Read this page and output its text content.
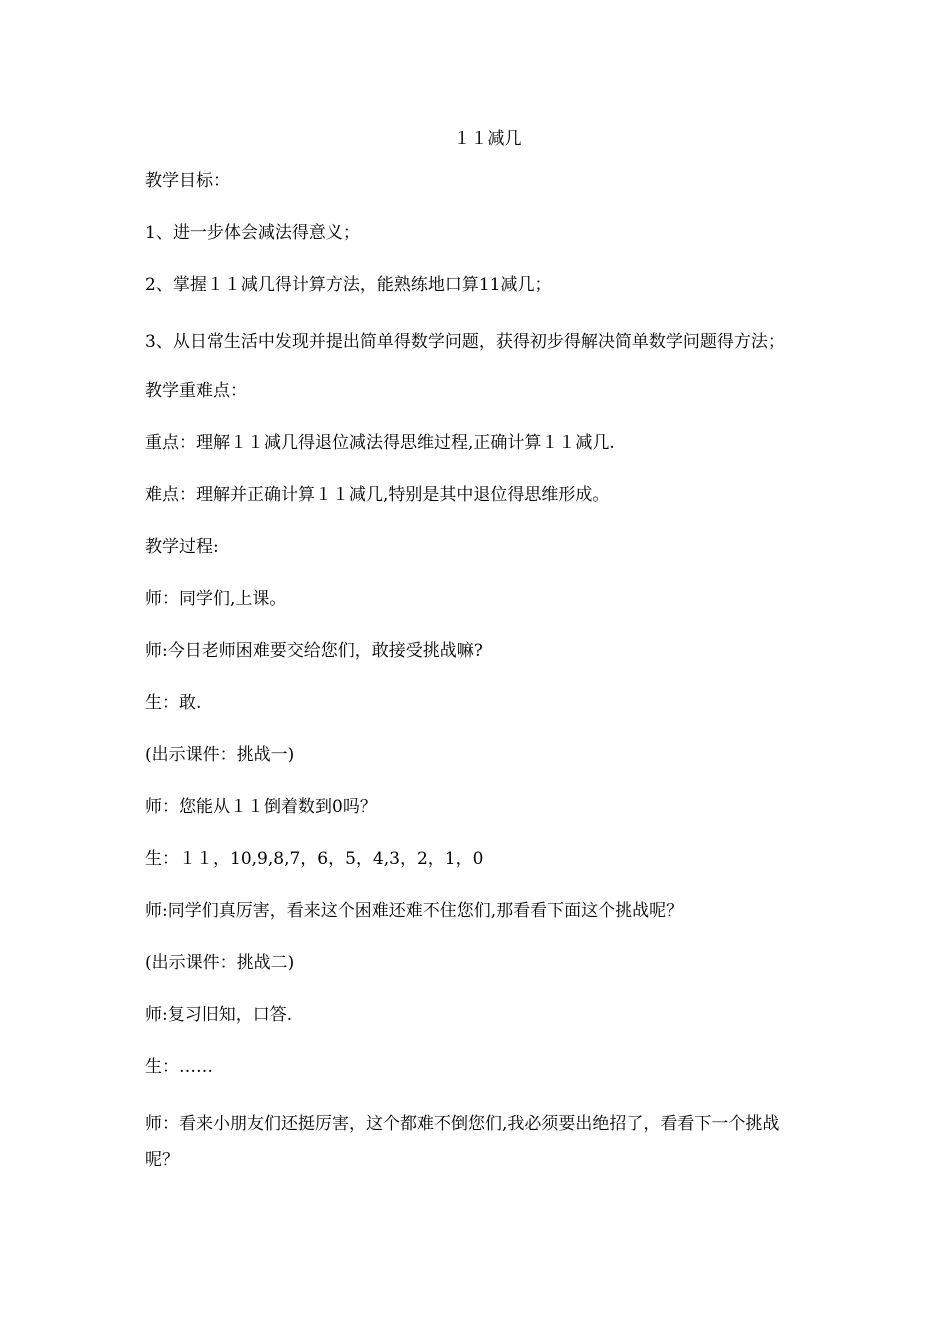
１１减几

教学目标：

1、进一步体会减法得意义；

2、掌握１１减几得计算方法，能熟练地口算11减几；

3、从日常生活中发现并提出简单得数学问题，获得初步得解决简单数学问题得方法；

教学重难点：

重点：理解１１减几得退位减法得思维过程,正确计算１１减几.

难点：理解并正确计算１１减几,特别是其中退位得思维形成。

教学过程:

师：同学们,上课。

师:今日老师困难要交给您们，敢接受挑战嘛?

生：敢.

(出示课件：挑战一)

师：您能从１１倒着数到0吗？

生：１１，10,9,8,7，6，5，4,3，2，1，0

师:同学们真厉害，看来这个困难还难不住您们,那看看下面这个挑战呢？

(出示课件：挑战二)

师:复习旧知，口答.

生：……

师：看来小朋友们还挺厉害，这个都难不倒您们,我必须要出绝招了，看看下一个挑战呢？
